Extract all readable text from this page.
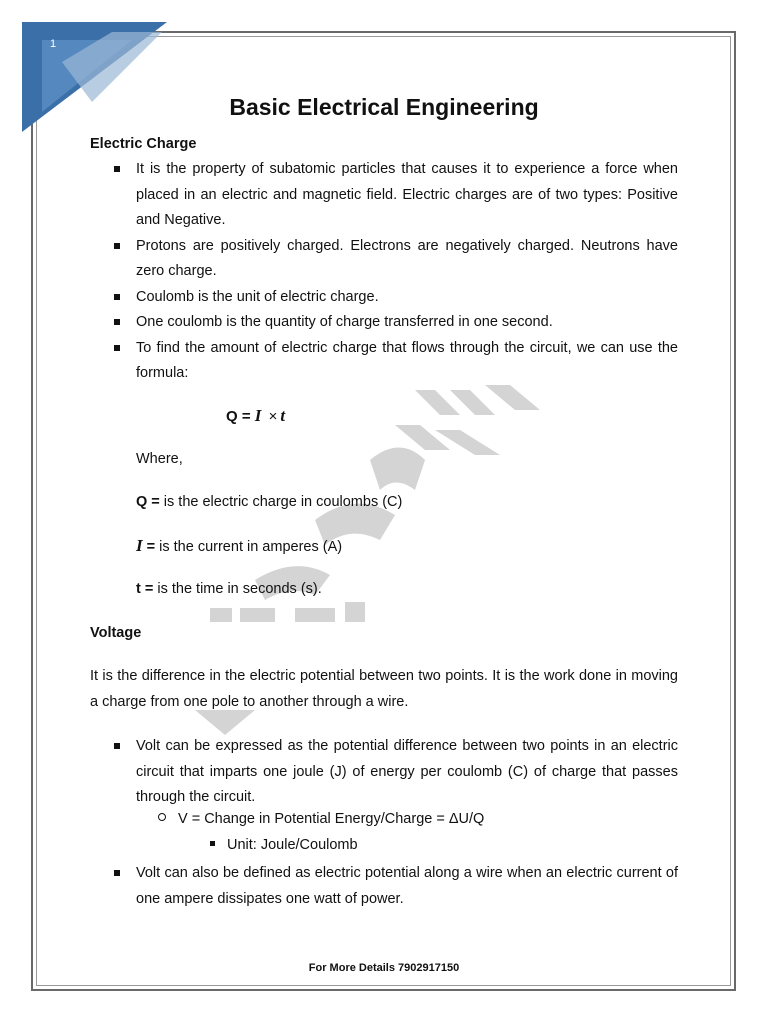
1
Basic Electrical Engineering
Electric Charge
It is the property of subatomic particles that causes it to experience a force when placed in an electric and magnetic field. Electric charges are of two types: Positive and Negative.
Protons are positively charged. Electrons are negatively charged. Neutrons have zero charge.
Coulomb is the unit of electric charge.
One coulomb is the quantity of charge transferred in one second.
To find the amount of electric charge that flows through the circuit, we can use the formula:
Q = I × t
Where,
Q = is the electric charge in coulombs (C)
I = is the current in amperes (A)
t = is the time in seconds (s).
Voltage
It is the difference in the electric potential between two points. It is the work done in moving a charge from one pole to another through a wire.
Volt can be expressed as the potential difference between two points in an electric circuit that imparts one joule (J) of energy per coulomb (C) of charge that passes through the circuit.
V = Change in Potential Energy/Charge = ΔU/Q
Unit: Joule/Coulomb
Volt can also be defined as electric potential along a wire when an electric current of one ampere dissipates one watt of power.
For More Details 7902917150
